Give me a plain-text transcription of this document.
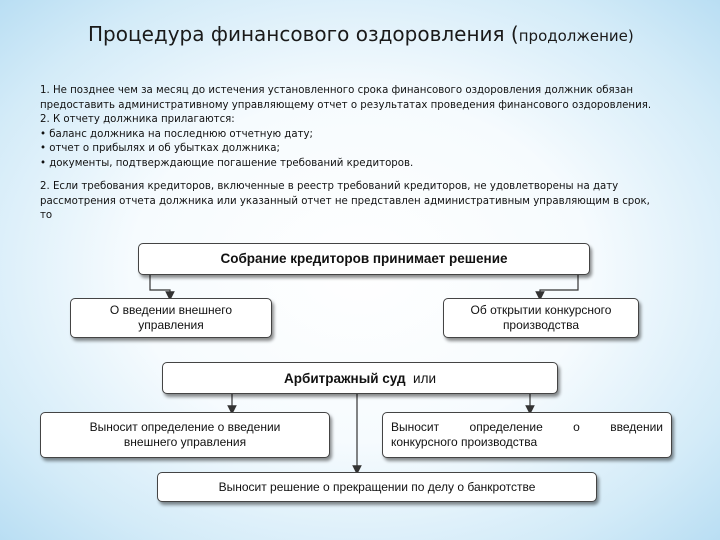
Процедура финансового оздоровления (продолжение)

1. Не позднее чем за месяц до истечения установленного срока финансового оздоровления должник обязан

предоставить административному управляющему отчет о результатах проведения финансового оздоровления.

2. К отчету должника прилагаются:

• баланс должника на последнюю отчетную дату;

• отчет о прибылях и об убытках должника;

• документы, подтверждающие погашение требований кредиторов.

2. Если требования кредиторов, включенные в реестр требований кредиторов, не удовлетворены на дату

рассмотрения отчета должника или указанный отчет не представлен административным управляющим в срок,

то

Собрание кредиторов принимает решение
О введении внешнего
управления
Об открытии конкурсного
производства
Арбитражный суд  или
Выносит определение о введении
внешнего управления
Выносит	определение	о	введении
конкурсного производства
Выносит решение о прекращении по делу о банкротстве
